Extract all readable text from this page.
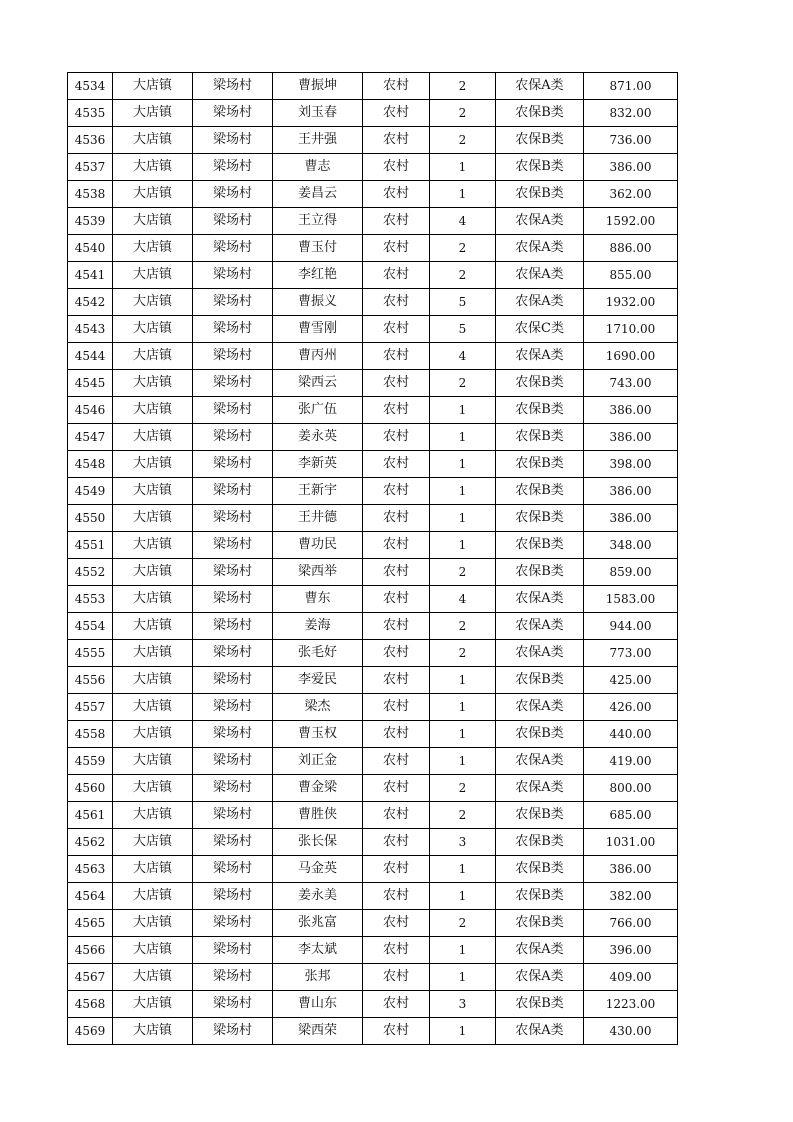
4534	大店镇	梁场村	曹振坤	农村	2	农保A类	871.00
4535	大店镇	梁场村	刘玉春	农村	2	农保B类	832.00
4536	大店镇	梁场村	王井强	农村	2	农保B类	736.00
4537	大店镇	梁场村	曹志	农村	1	农保B类	386.00
4538	大店镇	梁场村	姜昌云	农村	1	农保B类	362.00
4539	大店镇	梁场村	王立得	农村	4	农保A类	1592.00
4540	大店镇	梁场村	曹玉付	农村	2	农保A类	886.00
4541	大店镇	梁场村	李红艳	农村	2	农保A类	855.00
4542	大店镇	梁场村	曹振义	农村	5	农保A类	1932.00
4543	大店镇	梁场村	曹雪刚	农村	5	农保C类	1710.00
4544	大店镇	梁场村	曹丙州	农村	4	农保A类	1690.00
4545	大店镇	梁场村	梁西云	农村	2	农保B类	743.00
4546	大店镇	梁场村	张广伍	农村	1	农保B类	386.00
4547	大店镇	梁场村	姜永英	农村	1	农保B类	386.00
4548	大店镇	梁场村	李新英	农村	1	农保B类	398.00
4549	大店镇	梁场村	王新宇	农村	1	农保B类	386.00
4550	大店镇	梁场村	王井德	农村	1	农保B类	386.00
4551	大店镇	梁场村	曹功民	农村	1	农保B类	348.00
4552	大店镇	梁场村	梁西举	农村	2	农保B类	859.00
4553	大店镇	梁场村	曹东	农村	4	农保A类	1583.00
4554	大店镇	梁场村	姜海	农村	2	农保A类	944.00
4555	大店镇	梁场村	张毛好	农村	2	农保A类	773.00
4556	大店镇	梁场村	李爱民	农村	1	农保B类	425.00
4557	大店镇	梁场村	梁杰	农村	1	农保A类	426.00
4558	大店镇	梁场村	曹玉权	农村	1	农保B类	440.00
4559	大店镇	梁场村	刘正金	农村	1	农保A类	419.00
4560	大店镇	梁场村	曹金梁	农村	2	农保A类	800.00
4561	大店镇	梁场村	曹胜侠	农村	2	农保B类	685.00
4562	大店镇	梁场村	张长保	农村	3	农保B类	1031.00
4563	大店镇	梁场村	马金英	农村	1	农保B类	386.00
4564	大店镇	梁场村	姜永美	农村	1	农保B类	382.00
4565	大店镇	梁场村	张兆富	农村	2	农保B类	766.00
4566	大店镇	梁场村	李太斌	农村	1	农保A类	396.00
4567	大店镇	梁场村	张邦	农村	1	农保A类	409.00
4568	大店镇	梁场村	曹山东	农村	3	农保B类	1223.00
4569	大店镇	梁场村	梁西荣	农村	1	农保A类	430.00
